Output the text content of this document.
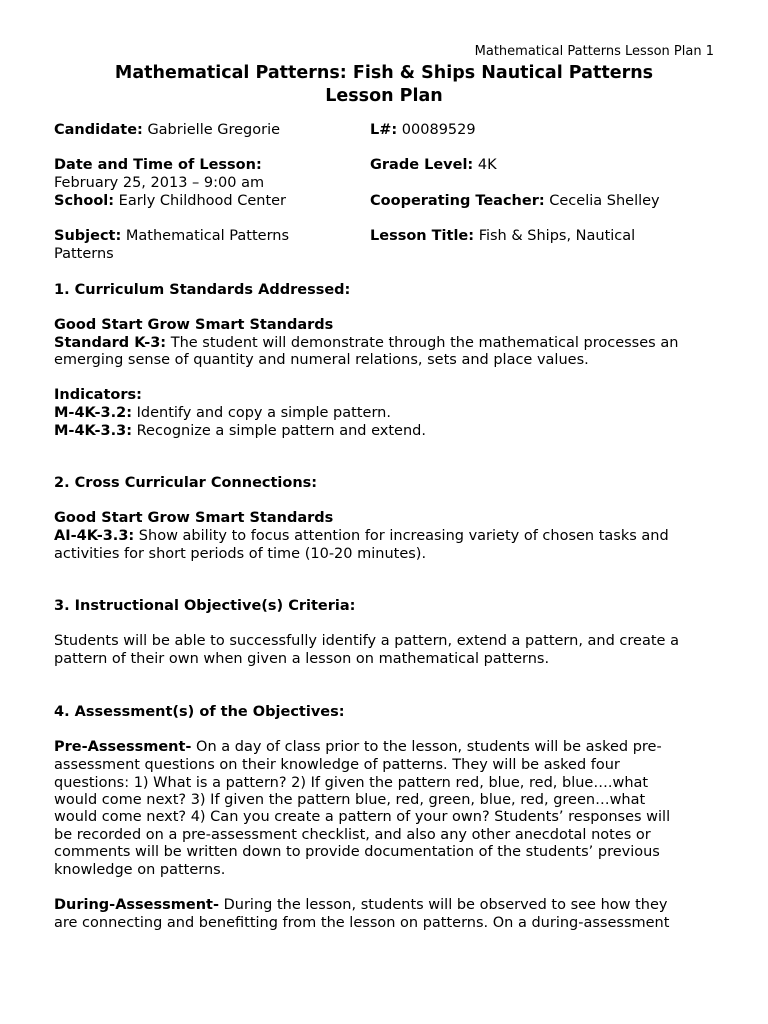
Mathematical Patterns Lesson Plan 1
Mathematical Patterns: Fish & Ships Nautical Patterns
Lesson Plan
Candidate: Gabrielle Gregorie	L#: 00089529
Date and Time of Lesson:	Grade Level: 4K
February 25, 2013 – 9:00 am
School: Early Childhood Center	Cooperating Teacher: Cecelia Shelley
Subject: Mathematical Patterns	Lesson Title: Fish & Ships, Nautical
Patterns
1. Curriculum Standards Addressed:
Good Start Grow Smart Standards
Standard K-3: The student will demonstrate through the mathematical processes an
emerging sense of quantity and numeral relations, sets and place values.
Indicators:
M-4K-3.2: Identify and copy a simple pattern.
M-4K-3.3: Recognize a simple pattern and extend.
2. Cross Curricular Connections:
Good Start Grow Smart Standards
AI-4K-3.3: Show ability to focus attention for increasing variety of chosen tasks and
activities for short periods of time (10-20 minutes).
3. Instructional Objective(s) Criteria:
Students will be able to successfully identify a pattern, extend a pattern, and create a
pattern of their own when given a lesson on mathematical patterns.
4. Assessment(s) of the Objectives:
Pre-Assessment- On a day of class prior to the lesson, students will be asked pre-
assessment questions on their knowledge of patterns. They will be asked four
questions: 1) What is a pattern? 2) If given the pattern red, blue, red, blue….what
would come next? 3) If given the pattern blue, red, green, blue, red, green…what
would come next? 4) Can you create a pattern of your own? Students’ responses will
be recorded on a pre-assessment checklist, and also any other anecdotal notes or
comments will be written down to provide documentation of the students’ previous
knowledge on patterns.
During-Assessment- During the lesson, students will be observed to see how they
are connecting and benefitting from the lesson on patterns. On a during-assessment
